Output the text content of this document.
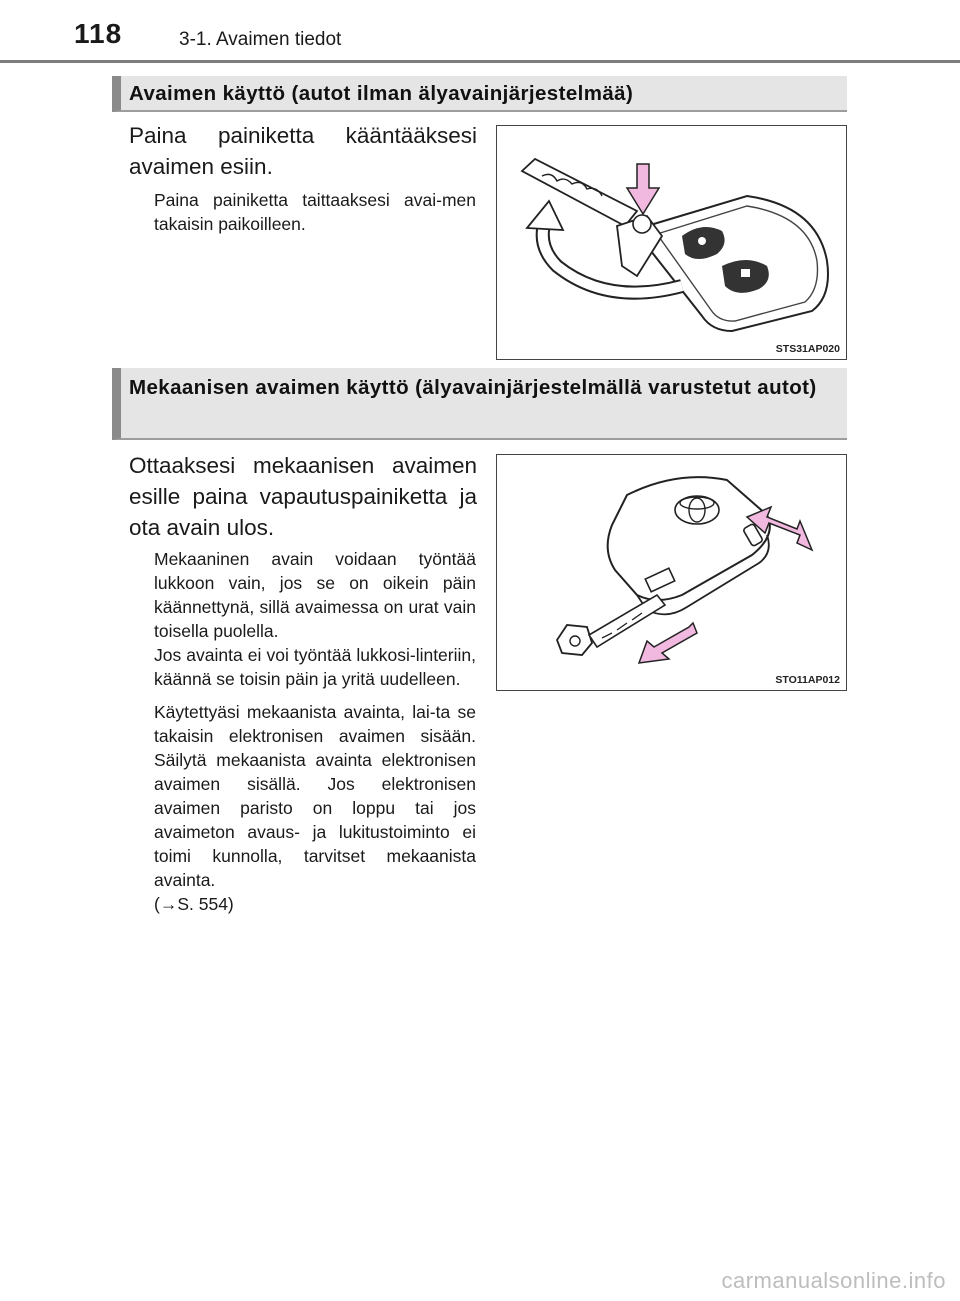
118	3-1. Avaimen tiedot
Avaimen käyttö (autot ilman älyavainjärjestelmää)
Paina painiketta kääntääksesi avaimen esiin.
Paina painiketta taittaaksesi avai-men takaisin paikoilleen.
STS31AP020
Mekaanisen avaimen käyttö (älyavainjärjestelmällä varustetut autot)
Ottaaksesi mekaanisen avaimen esille paina vapautuspainiketta ja ota avain ulos.

Mekaaninen avain voidaan työntää lukkoon vain, jos se on oikein päin käännettynä, sillä avaimessa on urat vain toisella puolella.

Jos avainta ei voi työntää lukkosi-linteriin, käännä se toisin päin ja yritä uudelleen.

Käytettyäsi mekaanista avainta, lai-ta se takaisin elektronisen avaimen sisään. Säilytä mekaanista avainta elektronisen avaimen sisällä. Jos elektronisen avaimen paristo on loppu tai jos avaimeton avaus- ja lukitustoiminto ei toimi kunnolla, tarvitset mekaanista avainta.

(→S. 554)

STO11AP012
carmanualsonline.info
